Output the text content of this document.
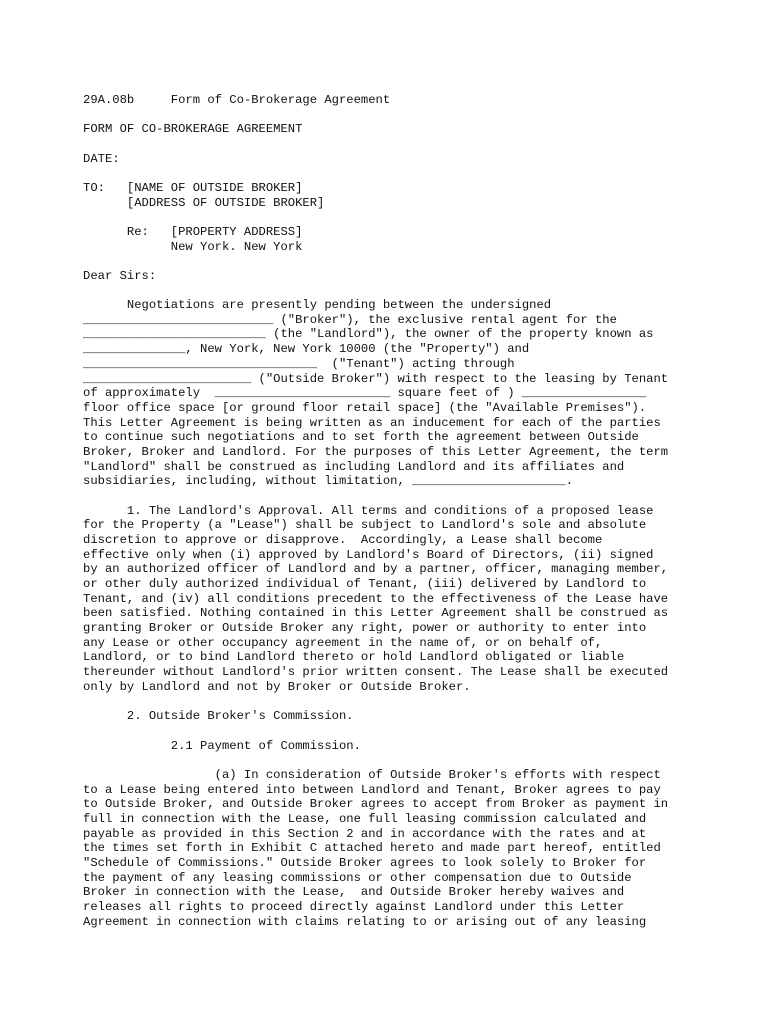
29A.08b     Form of Co-Brokerage Agreement

FORM OF CO-BROKERAGE AGREEMENT

DATE:

TO:   [NAME OF OUTSIDE BROKER]

[ADDRESS OF OUTSIDE BROKER]

Re:   [PROPERTY ADDRESS]

New York. New York

Dear Sirs:

Negotiations are presently pending between the undersigned

__________________________ ("Broker"), the exclusive rental agent for the

_________________________ (the "Landlord"), the owner of the property known as

______________, New York, New York 10000 (the "Property") and

________________________________  ("Tenant") acting through

_______________________ ("Outside Broker") with respect to the leasing by Tenant

of approximately  ________________________ square feet of ) _________________

floor office space [or ground floor retail space] (the "Available Premises").

This Letter Agreement is being written as an inducement for each of the parties

to continue such negotiations and to set forth the agreement between Outside

Broker, Broker and Landlord. For the purposes of this Letter Agreement, the term

"Landlord" shall be construed as including Landlord and its affiliates and

subsidiaries, including, without limitation, _____________________.

1. The Landlord's Approval. All terms and conditions of a proposed lease

for the Property (a "Lease") shall be subject to Landlord's sole and absolute

discretion to approve or disapprove.  Accordingly, a Lease shall become

effective only when (i) approved by Landlord's Board of Directors, (ii) signed

by an authorized officer of Landlord and by a partner, officer, managing member,

or other duly authorized individual of Tenant, (iii) delivered by Landlord to

Tenant, and (iv) all conditions precedent to the effectiveness of the Lease have

been satisfied. Nothing contained in this Letter Agreement shall be construed as

granting Broker or Outside Broker any right, power or authority to enter into

any Lease or other occupancy agreement in the name of, or on behalf of,

Landlord, or to bind Landlord thereto or hold Landlord obligated or liable

thereunder without Landlord's prior written consent. The Lease shall be executed

only by Landlord and not by Broker or Outside Broker.

2. Outside Broker's Commission.

2.1 Payment of Commission.

(a) In consideration of Outside Broker's efforts with respect

to a Lease being entered into between Landlord and Tenant, Broker agrees to pay

to Outside Broker, and Outside Broker agrees to accept from Broker as payment in

full in connection with the Lease, one full leasing commission calculated and

payable as provided in this Section 2 and in accordance with the rates and at

the times set forth in Exhibit C attached hereto and made part hereof, entitled

"Schedule of Commissions." Outside Broker agrees to look solely to Broker for

the payment of any leasing commissions or other compensation due to Outside

Broker in connection with the Lease,  and Outside Broker hereby waives and

releases all rights to proceed directly against Landlord under this Letter

Agreement in connection with claims relating to or arising out of any leasing
